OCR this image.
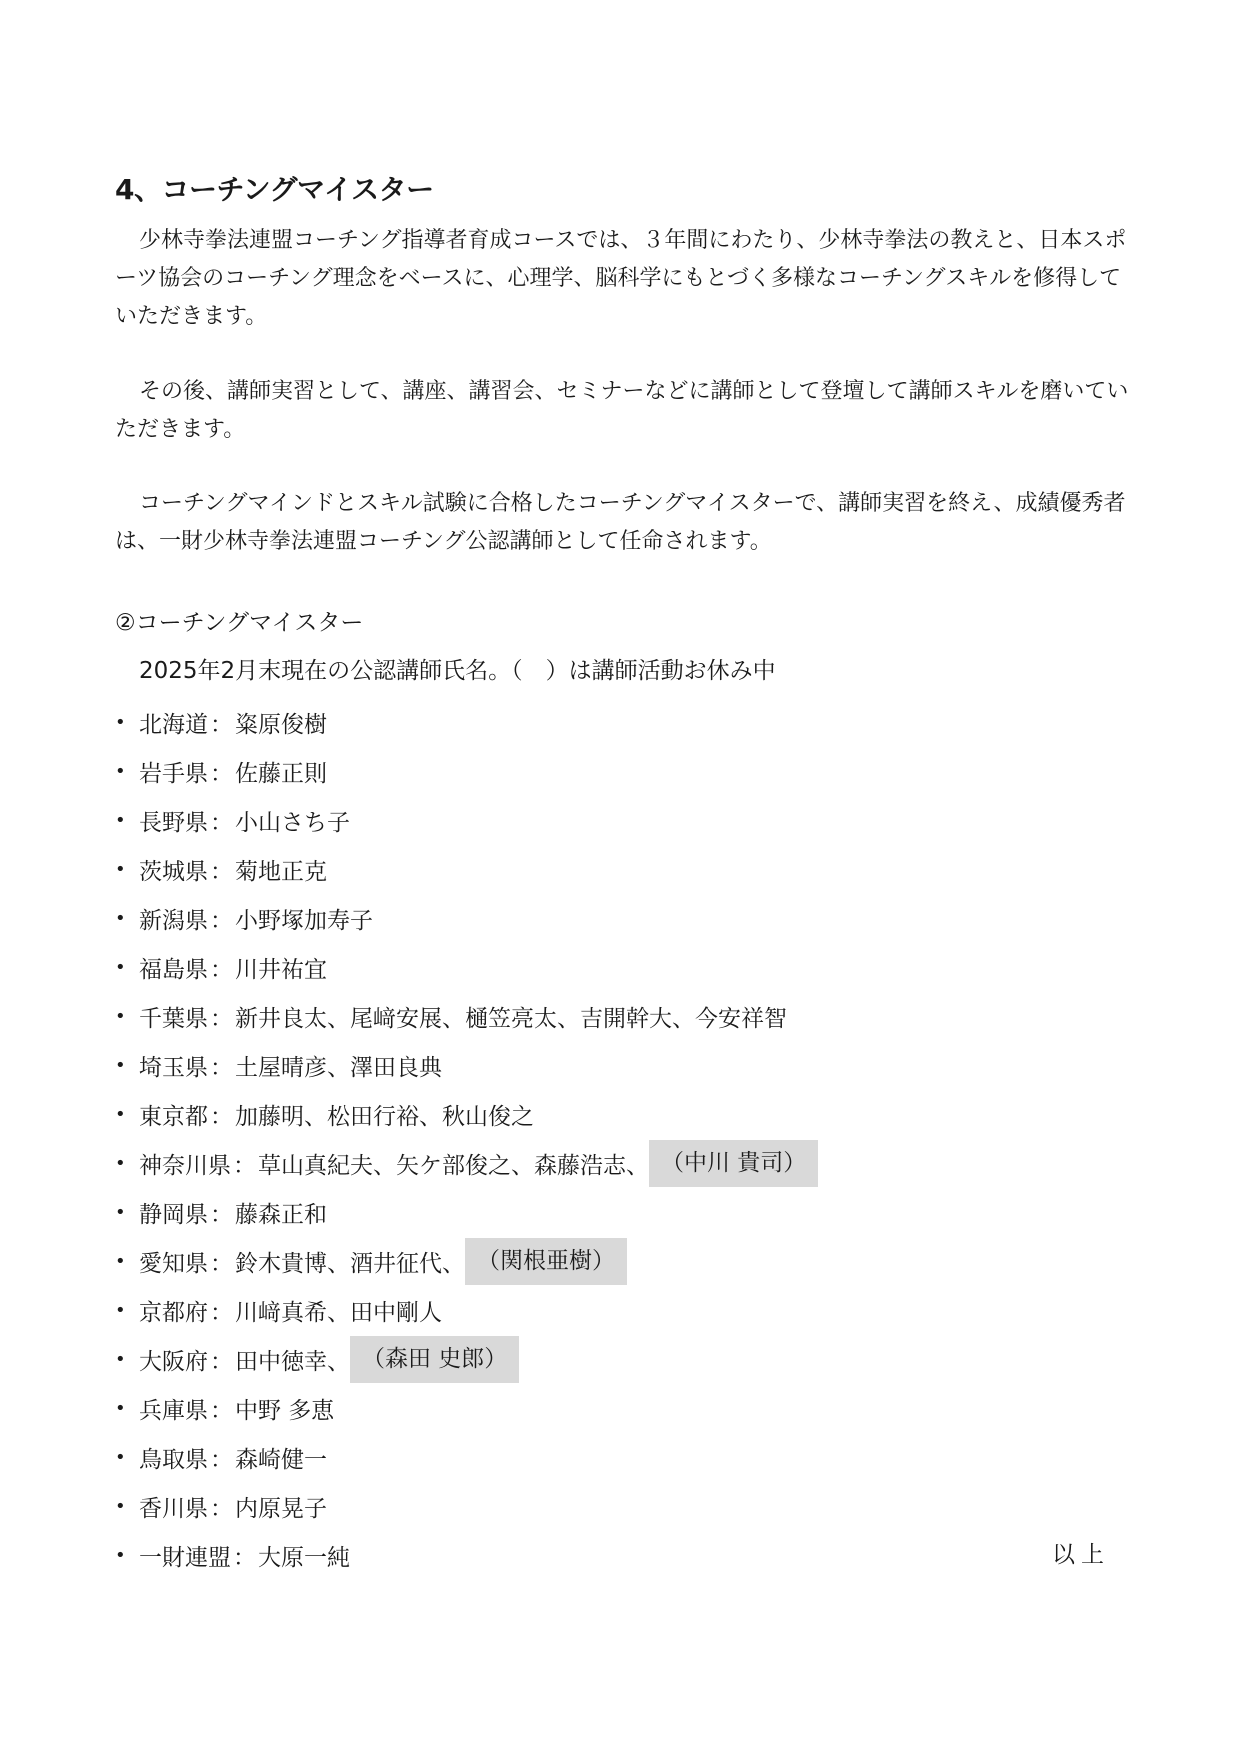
4、コーチングマイスター

少林寺拳法連盟コーチング指導者育成コースでは、３年間にわたり、少林寺拳法の教えと、日本スポーツ協会のコーチング理念をベースに、心理学、脳科学にもとづく多様なコーチングスキルを修得していただきます。

その後、講師実習として、講座、講習会、セミナーなどに講師として登壇して講師スキルを磨いていただきます。

コーチングマインドとスキル試験に合格したコーチングマイスターで、講師実習を終え、成績優秀者は、一財少林寺拳法連盟コーチング公認講師として任命されます。

②コーチングマイスター
2025年2月末現在の公認講師氏名。（　）は講師活動お休み中
• 北海道 ： 粢原俊樹
• 岩手県 ： 佐藤正則
• 長野県 ： 小山さち子
• 茨城県 ： 菊地正克
• 新潟県 ： 小野塚加寿子
• 福島県 ： 川井祐宜
• 千葉県 ： 新井良太 、 尾﨑安展 、 樋笠亮太 、 吉開幹大 、 今安祥智
• 埼玉県 ： 土屋晴彦 、 澤田良典
• 東京都 ： 加藤明 、 松田行裕 、 秋山俊之
• 神奈川県 ： 草山真紀夫 、 矢ケ部俊之 、 森藤浩志 、 （中川 貴司）
• 静岡県 ： 藤森正和
• 愛知県 ： 鈴木貴博 、 酒井征代 、 （関根亜樹）
• 京都府 ： 川﨑真希 、 田中剛人
• 大阪府 ： 田中徳幸 、 （森田 史郎）
• 兵庫県 ： 中野 多恵
• 鳥取県 ： 森崎健一
• 香川県 ： 内原晃子
• 一財連盟 ： 大原一純	以上
